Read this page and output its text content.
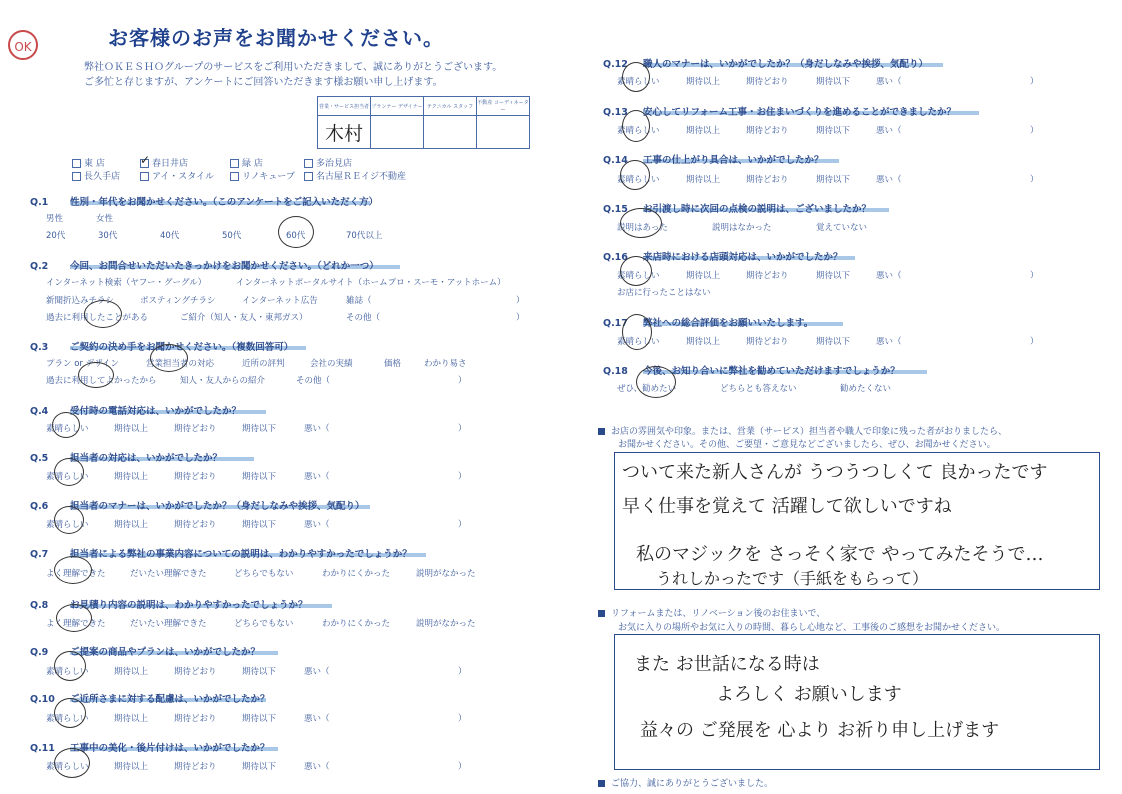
OK	お客様のお声をお聞かせください。
弊社ＯＫＥＳＨＯグループのサービスをご利用いただきまして、誠にありがとうございます。
ご多忙と存じますが、アンケートにご回答いただきます様お願い申し上げます。
営業・サービス担当者	プランナー デザイナー	テクニカル スタッフ	不動産 コーディネーター
木村			
東 店	✓ 春日井店	緑 店	多治見店
長久手店	アイ・スタイル	リノキューブ	名古屋ＲＥイジ不動産
Q.1 性別・年代をお聞かせください。（このアンケートをご記入いただく方）
男性	女性
20代	30代	40代	50代	60代	70代以上
Q.2 今回、お問合せいただいたきっかけをお聞かせください。（どれか一つ）
インターネット検索（ヤフー・グーグル）	インターネットポータルサイト（ホームプロ・スーモ・アットホーム）
新聞折込みチラシ	ポスティングチラシ	インターネット広告	雑誌（	）
過去に利用したことがある	ご紹介（知人・友人・東邦ガス）	その他（	）
Q.3 ご契約の決め手をお聞かせください。（複数回答可）
プラン or デザイン	営業担当者の対応	近所の評判	会社の実績	価格	わかり易さ
過去に利用してよかったから	知人・友人からの紹介	その他（	）
Q.4 受付時の電話対応は、いかがでしたか？
素晴らしい	期待以上	期待どおり	期待以下	悪い（	）
Q.5 担当者の対応は、いかがでしたか？
素晴らしい	期待以上	期待どおり	期待以下	悪い（	）
Q.6 担当者のマナーは、いかがでしたか？（身だしなみや挨拶、気配り）
素晴らしい	期待以上	期待どおり	期待以下	悪い（	）
Q.7 担当者による弊社の事業内容についての説明は、わかりやすかったでしょうか？
よく理解できた	だいたい理解できた	どちらでもない	わかりにくかった	説明がなかった
Q.8 お見積り内容の説明は、わかりやすかったでしょうか？
よく理解できた	だいたい理解できた	どちらでもない	わかりにくかった	説明がなかった
Q.9 ご提案の商品やプランは、いかがでしたか？
素晴らしい	期待以上	期待どおり	期待以下	悪い（	）
Q.10 ご近所さまに対する配慮は、いかがでしたか？
素晴らしい	期待以上	期待どおり	期待以下	悪い（	）
Q.11 工事中の美化・後片付けは、いかがでしたか？
素晴らしい	期待以上	期待どおり	期待以下	悪い（	）
Q.12 職人のマナーは、いかがでしたか？（身だしなみや挨拶、気配り）
素晴らしい	期待以上	期待どおり	期待以下	悪い（	）
Q.13 安心してリフォーム工事・お住まいづくりを進めることができましたか？
素晴らしい	期待以上	期待どおり	期待以下	悪い（	）
Q.14 工事の仕上がり具合は、いかがでしたか？
素晴らしい	期待以上	期待どおり	期待以下	悪い（	）
Q.15 お引渡し時に次回の点検の説明は、ございましたか？
説明はあった	説明はなかった	覚えていない
Q.16 来店時における店頭対応は、いかがでしたか？
素晴らしい	期待以上	期待どおり	期待以下	悪い（	）
お店に行ったことはない
Q.17 弊社への総合評価をお願いいたします。
素晴らしい	期待以上	期待どおり	期待以下	悪い（	）
Q.18 今後、お知り合いに弊社を勧めていただけますでしょうか？
ぜひ、勧めたい	どちらとも答えない	勧めたくない
お店の雰囲気や印象。または、営業（サービス）担当者や職人で印象に残った者がおりましたら、
お聞かせください。その他、ご要望・ご意見などございましたら、ぜひ、お聞かせください。
ついて来た新人さんが うつうつしくて 良かったです
早く仕事を覚えて 活躍して欲しいですね
私のマジックを さっそく家で やってみたそうで…
うれしかったです（手紙をもらって）
リフォームまたは、リノベーション後のお住まいで、
お気に入りの場所やお気に入りの時間、暮らし心地など、工事後のご感想をお聞かせください。
また お世話になる時は
よろしく お願いします
益々の ご発展を 心より お祈り申し上げます
ご協力、誠にありがとうございました。
